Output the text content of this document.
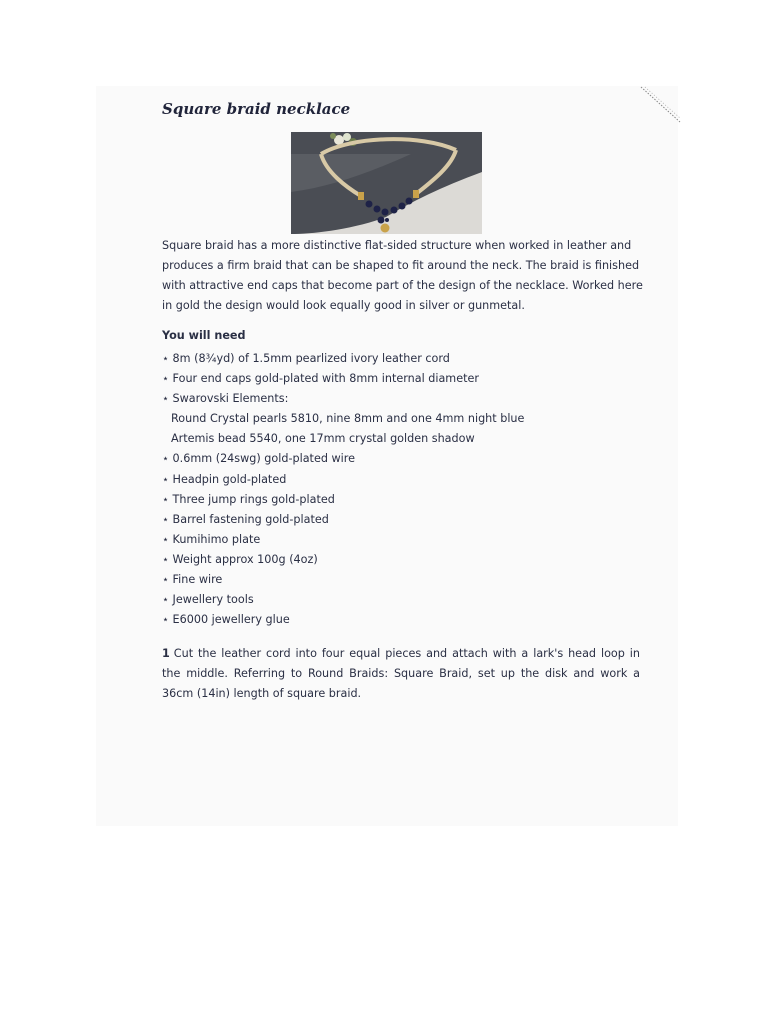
Square braid necklace

Square braid has a more distinctive flat-sided structure when worked in leather and produces a firm braid that can be shaped to fit around the neck. The braid is finished with attractive end caps that become part of the design of the necklace. Worked here in gold the design would look equally good in silver or gunmetal.

You will need

⋆ 8m (8¾yd) of 1.5mm pearlized ivory leather cord
⋆ Four end caps gold-plated with 8mm internal diameter
⋆ Swarovski Elements:
Round Crystal pearls 5810, nine 8mm and one 4mm night blue
Artemis bead 5540, one 17mm crystal golden shadow
⋆ 0.6mm (24swg) gold-plated wire
⋆ Headpin gold-plated
⋆ Three jump rings gold-plated
⋆ Barrel fastening gold-plated
⋆ Kumihimo plate
⋆ Weight approx 100g (4oz)
⋆ Fine wire
⋆ Jewellery tools
⋆ E6000 jewellery glue

1 Cut the leather cord into four equal pieces and attach with a lark's head loop in the middle. Referring to Round Braids: Square Braid, set up the disk and work a 36cm (14in) length of square braid.
